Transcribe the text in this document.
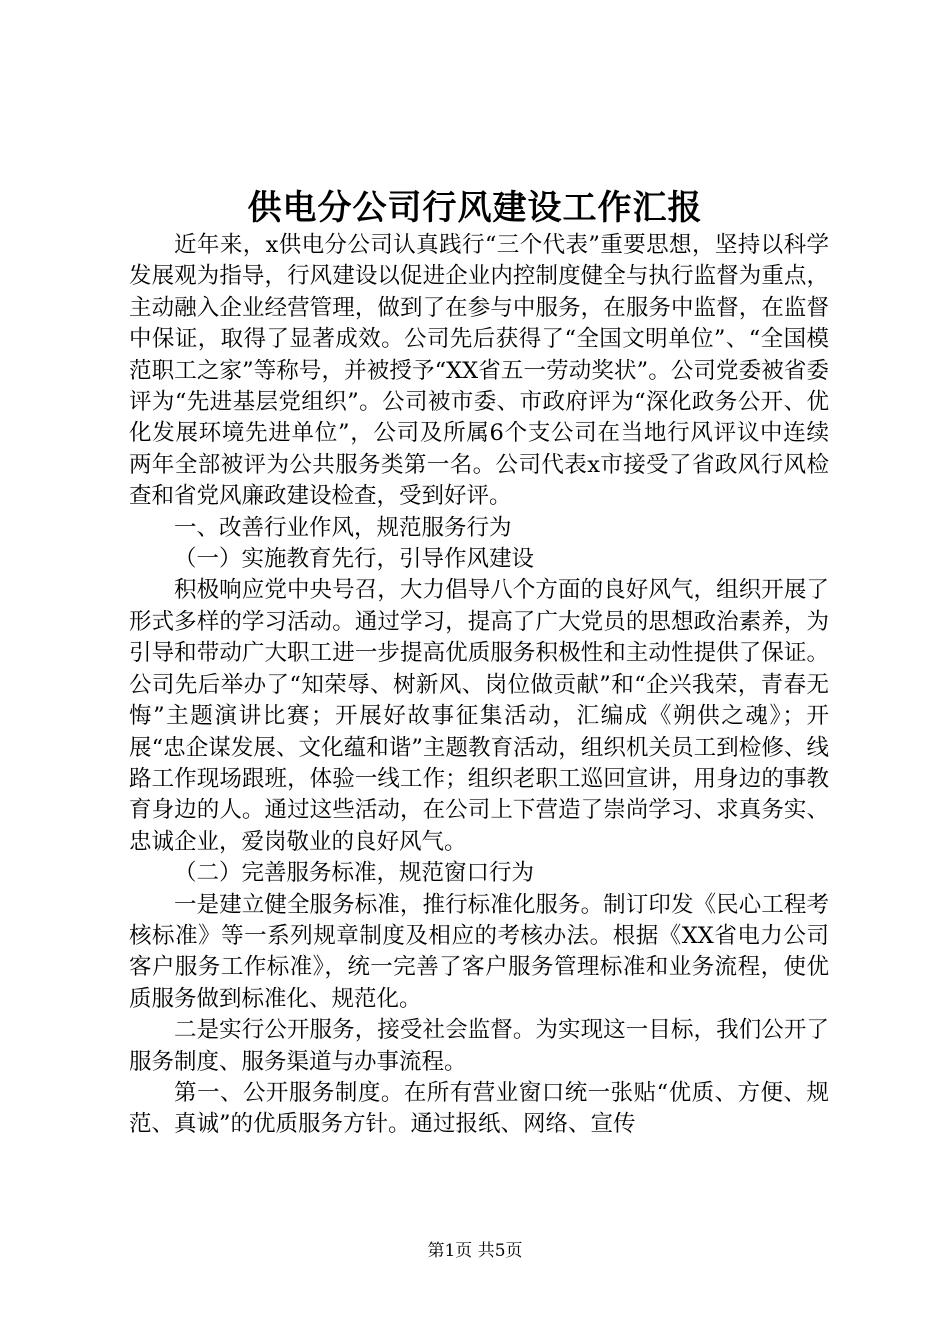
供电分公司行风建设工作汇报

近年来，x供电分公司认真践行“三个代表”重要思想，坚持以科学发展观为指导，行风建设以促进企业内控制度健全与执行监督为重点，主动融入企业经营管理，做到了在参与中服务，在服务中监督，在监督中保证，取得了显著成效。公司先后获得了“全国文明单位”、“全国模范职工之家”等称号，并被授予“XX省五一劳动奖状”。公司党委被省委评为“先进基层党组织”。公司被市委、市政府评为“深化政务公开、优化发展环境先进单位”，公司及所属6个支公司在当地行风评议中连续两年全部被评为公共服务类第一名。公司代表x市接受了省政风行风检查和省党风廉政建设检查，受到好评。

一、改善行业作风，规范服务行为

（一）实施教育先行，引导作风建设

积极响应党中央号召，大力倡导八个方面的良好风气，组织开展了形式多样的学习活动。通过学习，提高了广大党员的思想政治素养，为引导和带动广大职工进一步提高优质服务积极性和主动性提供了保证。公司先后举办了“知荣辱、树新风、岗位做贡献”和“企兴我荣，青春无悔”主题演讲比赛；开展好故事征集活动，汇编成《朔供之魂》；开展“忠企谋发展、文化蕴和谐”主题教育活动，组织机关员工到检修、线路工作现场跟班，体验一线工作；组织老职工巡回宣讲，用身边的事教育身边的人。通过这些活动，在公司上下营造了崇尚学习、求真务实、忠诚企业，爱岗敬业的良好风气。

（二）完善服务标准，规范窗口行为

一是建立健全服务标准，推行标准化服务。制订印发《民心工程考核标准》等一系列规章制度及相应的考核办法。根据《XX省电力公司客户服务工作标准》，统一完善了客户服务管理标准和业务流程，使优质服务做到标准化、规范化。

二是实行公开服务，接受社会监督。为实现这一目标，我们公开了服务制度、服务渠道与办事流程。

第一、公开服务制度。在所有营业窗口统一张贴“优质、方便、规范、真诚”的优质服务方针。通过报纸、网络、宣传

第1页 共5页
